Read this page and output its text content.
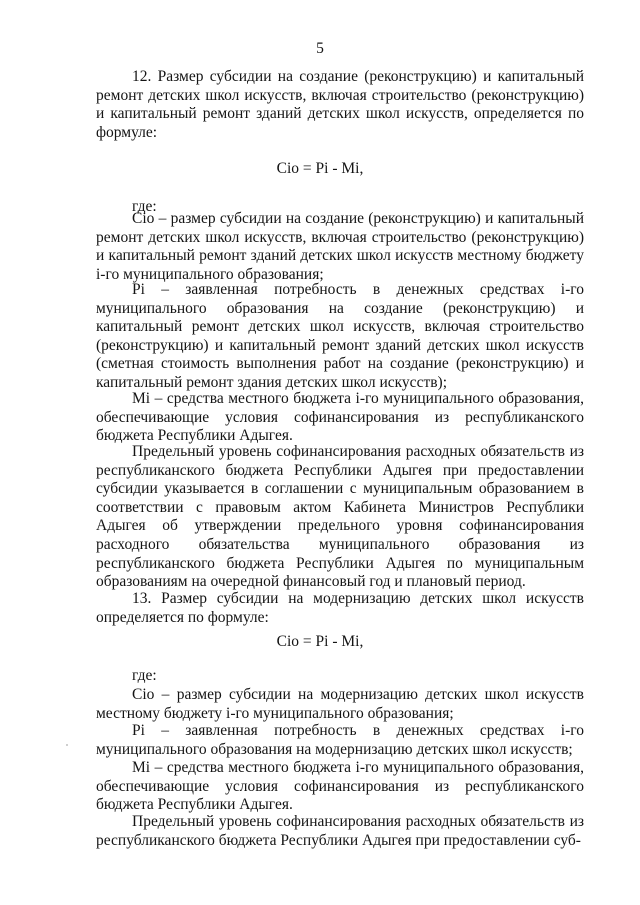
5
12. Размер субсидии на создание (реконструкцию) и капитальный ремонт детских школ искусств, включая строительство (реконструкцию) и капитальный ремонт зданий детских школ искусств, определяется по формуле:
Cio = Pi - Mi,
где:
Cio – размер субсидии на создание (реконструкцию) и капитальный ремонт детских школ искусств, включая строительство (реконструкцию) и капитальный ремонт зданий детских школ искусств местному бюджету i-го муниципального образования;
Pi – заявленная потребность в денежных средствах i-го муниципального образования на создание (реконструкцию) и капитальный ремонт детских школ искусств, включая строительство (реконструкцию) и капитальный ремонт зданий детских школ искусств (сметная стоимость выполнения работ на создание (реконструкцию) и капитальный ремонт здания детских школ искусств);
Mi – средства местного бюджета i-го муниципального образования, обеспечивающие условия софинансирования из республиканского бюджета Республики Адыгея.
Предельный уровень софинансирования расходных обязательств из республиканского бюджета Республики Адыгея при предоставлении субсидии указывается в соглашении с муниципальным образованием в соответствии с правовым актом Кабинета Министров Республики Адыгея об утверждении предельного уровня софинансирования расходного обязательства муниципального образования из республиканского бюджета Республики Адыгея по муниципальным образованиям на очередной финансовый год и плановый период.
13. Размер субсидии на модернизацию детских школ искусств определяется по формуле:
Cio = Pi - Mi,
где:
Cio – размер субсидии на модернизацию детских школ искусств местному бюджету i-го муниципального образования;
Pi – заявленная потребность в денежных средствах i-го муниципального образования на модернизацию детских школ искусств;
Mi – средства местного бюджета i-го муниципального образования, обеспечивающие условия софинансирования из республиканского бюджета Республики Адыгея.
Предельный уровень софинансирования расходных обязательств из республиканского бюджета Республики Адыгея при предоставлении суб-
